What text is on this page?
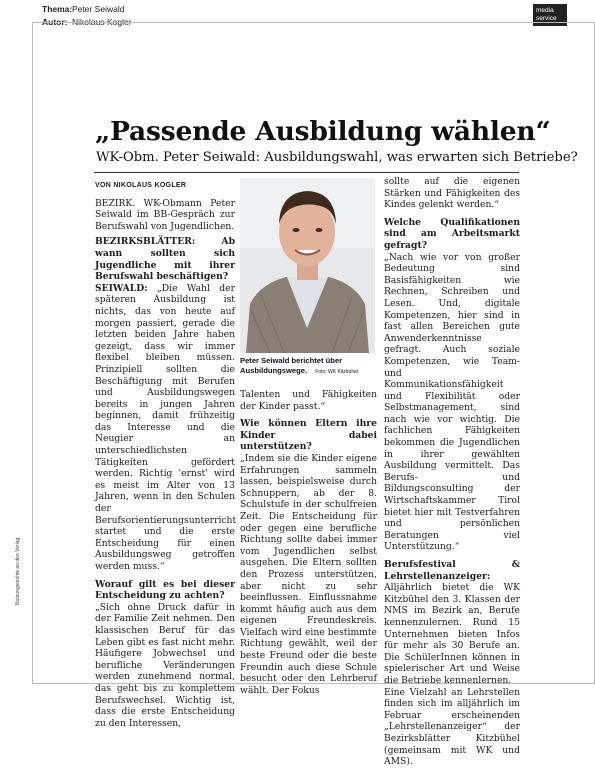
Thema: Peter Seiwald
Autor: Nikolaus Kogler
media service
„Passende Ausbildung wählen“
WK-Obm. Peter Seiwald: Ausbildungswahl, was erwarten sich Betriebe?

VON NIKOLAUS KOGLER

BEZIRK. WK-Obmann Peter Seiwald im BB-Gespräch zur Berufswahl von Jugendlichen.

BEZIRKSBLÄTTER: Ab wann sollten sich Jugendliche mit ihrer Berufswahl beschäftigen?

SEIWALD: „Die Wahl der späteren Ausbildung ist nichts, das von heute auf morgen passiert, gerade die letzten beiden Jahre haben gezeigt, dass wir immer flexibel bleiben müssen. Prinzipiell sollten die Beschäftigung mit Berufen und Ausbildungswegen bereits in jungen Jahren beginnen, damit frühzeitig das Interesse und die Neugier an unterschiedlichsten Tätigkeiten gefördert werden. Richtig 'ernst' wird es meist im Alter von 13 Jahren, wenn in den Schulen der Berufsorientierungsunterricht startet und die erste Entscheidung für einen Ausbildungsweg getroffen werden muss.“

Worauf gilt es bei dieser Entscheidung zu achten?

„Sich ohne Druck dafür in der Familie Zeit nehmen. Den klassischen Beruf für das Leben gibt es fast nicht mehr. Häufigere Jobwechsel und berufliche Veränderungen werden zunehmend normal, das geht bis zu komplettem Berufswechsel. Wichtig ist, dass die erste Entscheidung zu den Interessen,

Peter Seiwald berichtet über Ausbildungswege. Foto: WK Kitzbühel

Talenten und Fähigkeiten der Kinder passt.“

Wie können Eltern ihre Kinder dabei unterstützen?

„Indem sie die Kinder eigene Erfahrungen sammeln lassen, beispielsweise durch Schnuppern, ab der 8. Schulstufe in der schulfreien Zeit. Die Entscheidung für oder gegen eine berufliche Richtung sollte dabei immer vom Jugendlichen selbst ausgehen. Die Eltern sollten den Prozess unterstützen, aber nicht zu sehr beeinflussen. Einflussnahme kommt häufig auch aus dem eigenen Freundeskreis. Vielfach wird eine bestimmte Richtung gewählt, weil der beste Freund oder die beste Freundin auch diese Schule besucht oder den Lehrberuf wählt. Der Fokus

sollte auf die eigenen Stärken und Fähigkeiten des Kindes gelenkt werden.“

Welche Qualifikationen sind am Arbeitsmarkt gefragt?

„Nach wie vor von großer Bedeutung sind Basisfähigkeiten wie Rechnen, Schreiben und Lesen. Und, digitale Kompetenzen, hier sind in fast allen Bereichen gute Anwenderkenntnisse gefragt. Auch soziale Kompetenzen, wie Team- und Kommunikationsfähigkeit und Flexibilität oder Selbstmanagement, sind nach wie vor wichtig. Die fachlichen Fähigkeiten bekommen die Jugendlichen in ihrer gewählten Ausbildung vermittelt. Das Berufs- und Bildungsconsulting der Wirtschaftskammer Tirol bietet hier mit Testverfahren und persönlichen Beratungen viel Unterstützung.“

Berufsfestival & Lehrstellenanzeiger: Alljährlich bietet die WK Kitzbühel den 3. Klassen der NMS im Bezirk an, Berufe kennenzulernen. Rund 15 Unternehmen bieten Infos für mehr als 30 Berufe an. Die SchülerInnen können in spielerischer Art und Weise die Betriebe kennenlernen.

Eine Vielzahl an Lehrstellen finden sich im alljährlich im Februar erscheinenden „Lehrstellenanzeiger“ der Bezirksblätter Kitzbühel (gemeinsam mit WK und AMS).

Nutzungsrechte an den Verlag
